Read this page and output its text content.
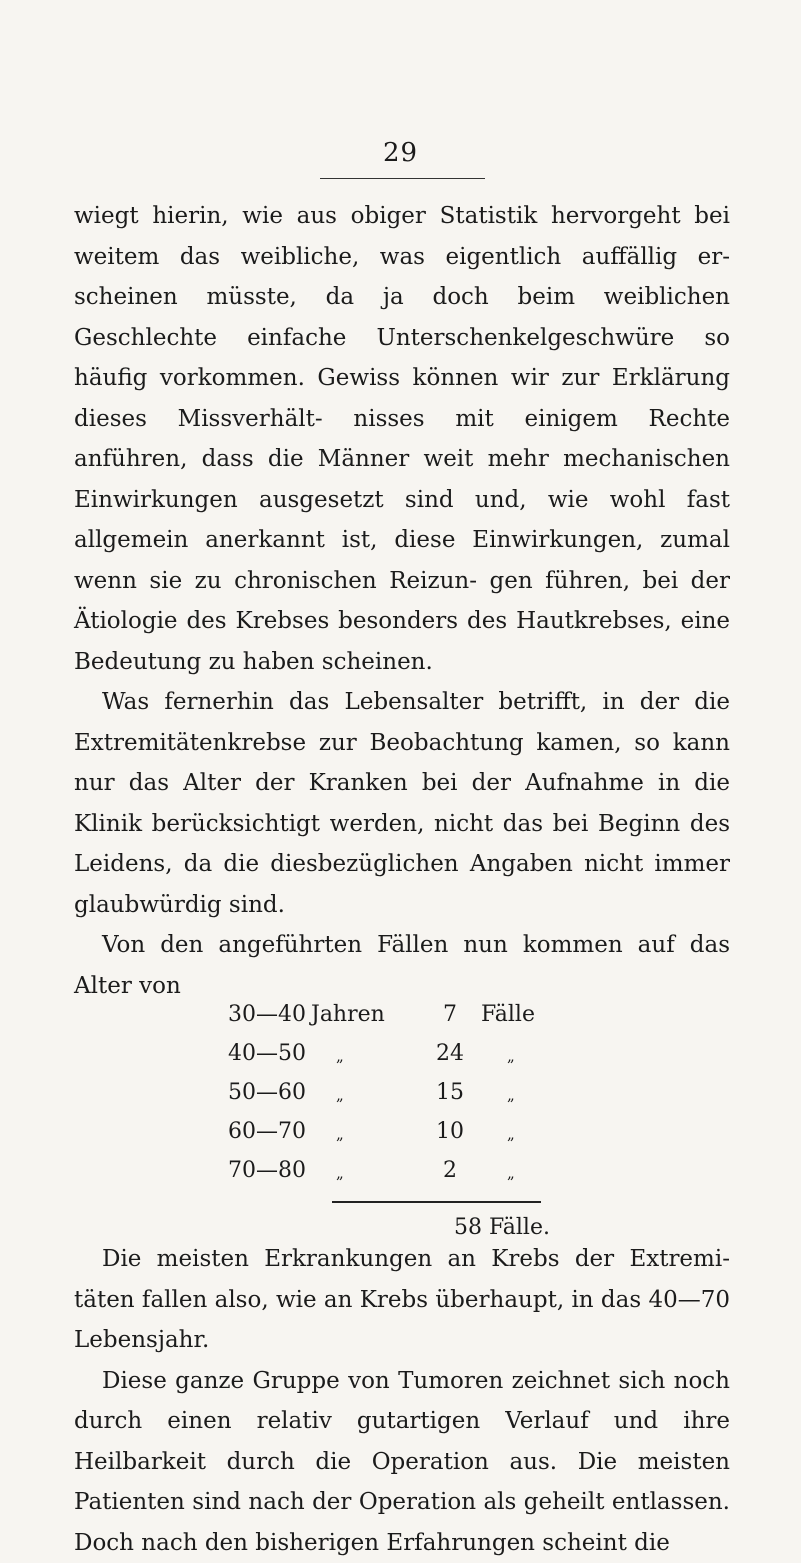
29

wiegt hierin, wie aus obiger Statistik hervorgeht bei weitem das weibliche, was eigentlich auffällig er- scheinen müsste, da ja doch beim weiblichen Geschlechte einfache Unterschenkelgeschwüre so häufig vorkommen. Gewiss können wir zur Erklärung dieses Missverhält- nisses mit einigem Rechte anführen, dass die Männer weit mehr mechanischen Einwirkungen ausgesetzt sind und, wie wohl fast allgemein anerkannt ist, diese Einwirkungen, zumal wenn sie zu chronischen Reizun- gen führen, bei der Ätiologie des Krebses besonders des Hautkrebses, eine Bedeutung zu haben scheinen.

Was fernerhin das Lebensalter betrifft, in der die Extremitätenkrebse zur Beobachtung kamen, so kann nur das Alter der Kranken bei der Aufnahme in die Klinik berücksichtigt werden, nicht das bei Beginn des Leidens, da die diesbezüglichen Angaben nicht immer glaubwürdig sind.

Von den angeführten Fällen nun kommen auf das Alter von

30—40 Jahren	7	Fälle
40—50 „	24	„
50—60 „	15	„
60—70 „	10	„
70—80 „	2	„
58 Fälle.

Die meisten Erkrankungen an Krebs der Extremi- täten fallen also, wie an Krebs überhaupt, in das 40—70 Lebensjahr.

Diese ganze Gruppe von Tumoren zeichnet sich noch durch einen relativ gutartigen Verlauf und ihre Heilbarkeit durch die Operation aus. Die meisten Patienten sind nach der Operation als geheilt entlassen. Doch nach den bisherigen Erfahrungen scheint die
